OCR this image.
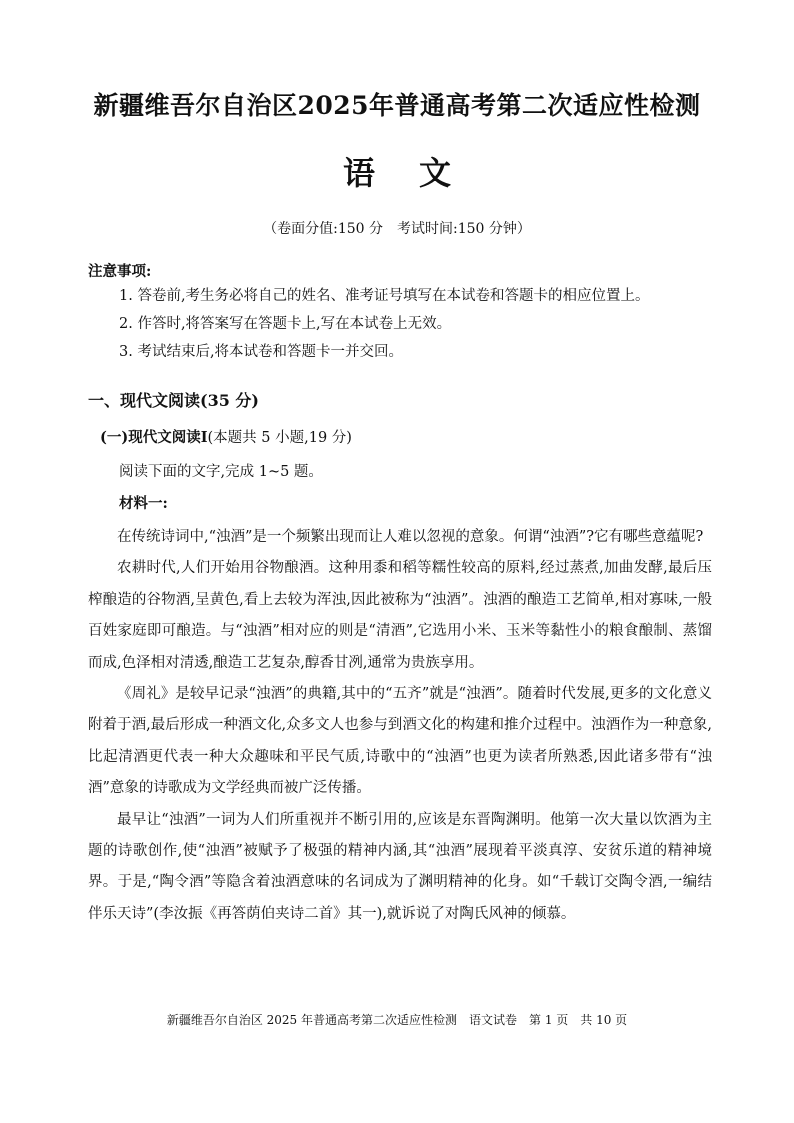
新疆维吾尔自治区2025年普通高考第二次适应性检测
语文
（卷面分值:150 分　考试时间:150 分钟）
注意事项:
1. 答卷前,考生务必将自己的姓名、准考证号填写在本试卷和答题卡的相应位置上。
2. 作答时,将答案写在答题卡上,写在本试卷上无效。
3. 考试结束后,将本试卷和答题卡一并交回。
一、现代文阅读(35 分)
(一)现代文阅读Ⅰ(本题共 5 小题,19 分)
阅读下面的文字,完成 1~5 题。
材料一:

在传统诗词中,“浊酒”是一个频繁出现而让人难以忽视的意象。何谓“浊酒”?它有哪些意蕴呢?

农耕时代,人们开始用谷物酿酒。这种用黍和稻等糯性较高的原料,经过蒸煮,加曲发酵,最后压榨酿造的谷物酒,呈黄色,看上去较为浑浊,因此被称为“浊酒”。浊酒的酿造工艺简单,相对寡味,一般百姓家庭即可酿造。与“浊酒”相对应的则是“清酒”,它选用小米、玉米等黏性小的粮食酿制、蒸馏而成,色泽相对清透,酿造工艺复杂,醇香甘冽,通常为贵族享用。

《周礼》是较早记录“浊酒”的典籍,其中的“五齐”就是“浊酒”。随着时代发展,更多的文化意义附着于酒,最后形成一种酒文化,众多文人也参与到酒文化的构建和推介过程中。浊酒作为一种意象,比起清酒更代表一种大众趣味和平民气质,诗歌中的“浊酒”也更为读者所熟悉,因此诸多带有“浊酒”意象的诗歌成为文学经典而被广泛传播。

最早让“浊酒”一词为人们所重视并不断引用的,应该是东晋陶渊明。他第一次大量以饮酒为主题的诗歌创作,使“浊酒”被赋予了极强的精神内涵,其“浊酒”展现着平淡真淳、安贫乐道的精神境界。于是,“陶令酒”等隐含着浊酒意味的名词成为了渊明精神的化身。如“千载订交陶令酒,一编结伴乐天诗”(李汝振《再答荫伯夹诗二首》其一),就诉说了对陶氏风神的倾慕。

新疆维吾尔自治区 2025 年普通高考第二次适应性检测　语文试卷　第 1 页　共 10 页
